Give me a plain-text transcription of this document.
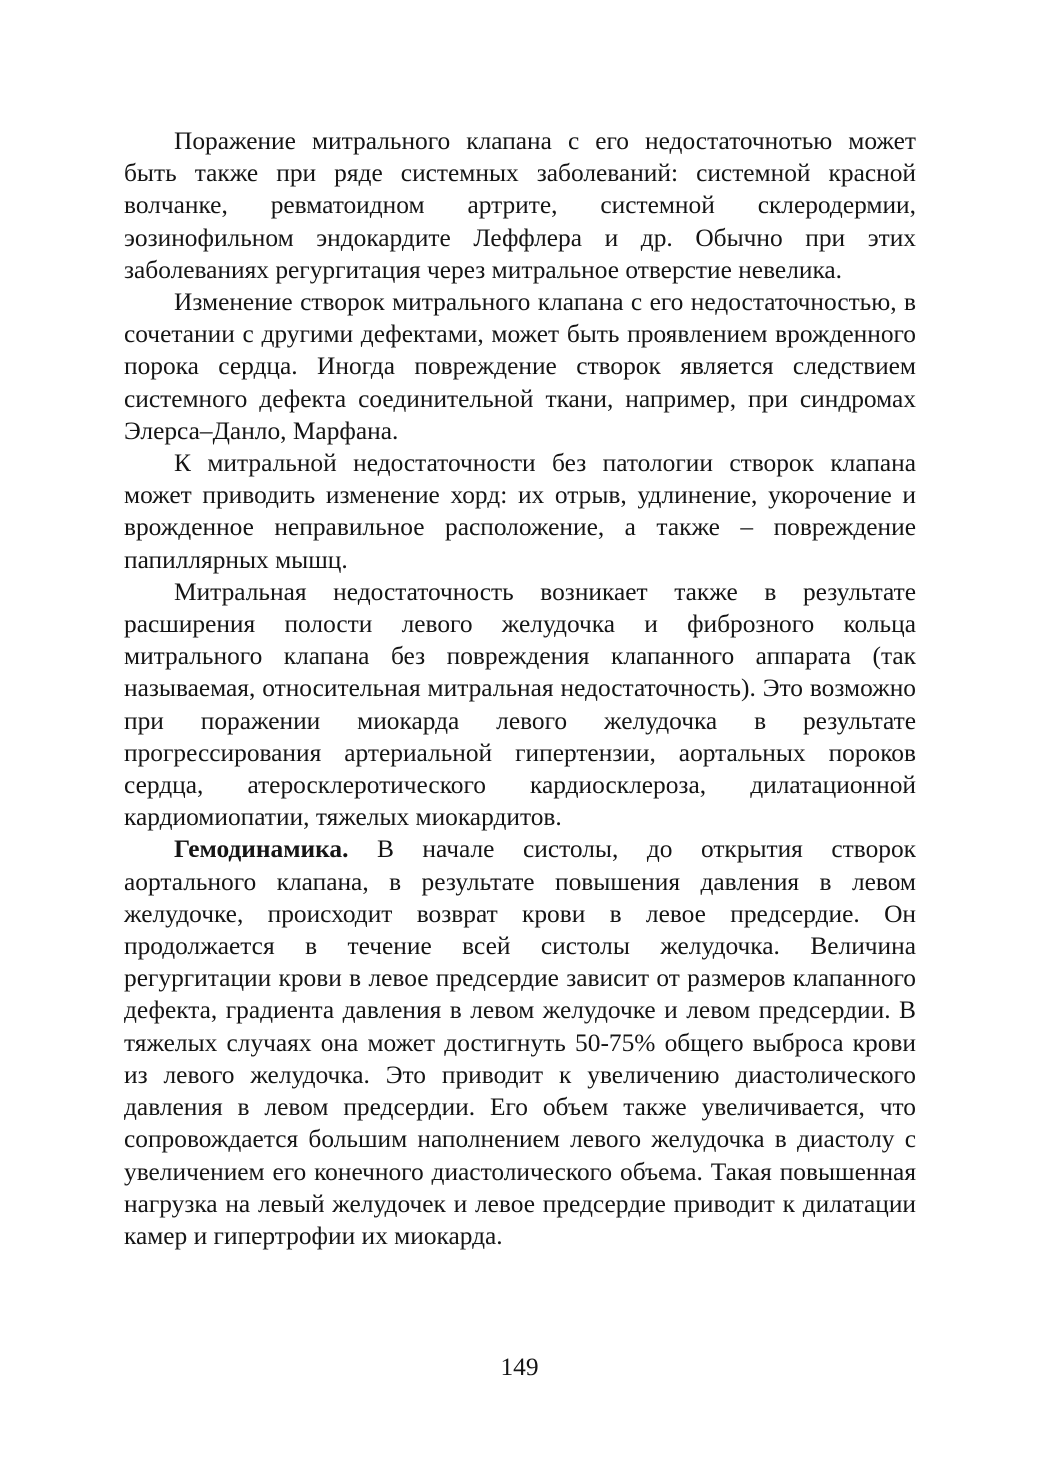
Поражение митрального клапана с его недостаточнотью может быть также при ряде системных заболеваний: системной красной волчанке, ревматоидном артрите, системной склеродермии, эозинофильном эндокардите Леффлера и др. Обычно при этих заболеваниях регургитация через митральное отверстие невелика.

Изменение створок митрального клапана с его недостаточностью, в сочетании с другими дефектами, может быть проявлением врожденного порока сердца. Иногда повреждение створок является следствием системного дефекта соединительной ткани, например, при синдромах Элерса–Данло, Марфана.

К митральной недостаточности без патологии створок клапана может приводить изменение хорд: их отрыв, удлинение, укорочение и врожденное неправильное расположение, а также – повреждение папиллярных мышц.

Митральная недостаточность возникает также в результате расширения полости левого желудочка и фиброзного кольца митрального клапана без повреждения клапанного аппарата (так называемая, относительная митральная недостаточность). Это возможно при поражении миокарда левого желудочка в результате прогрессирования артериальной гипертензии, аортальных пороков сердца, атеросклеротического кардиосклероза, дилатационной кардиомиопатии, тяжелых миокардитов.

Гемодинамика. В начале систолы, до открытия створок аортального клапана, в результате повышения давления в левом желудочке, происходит возврат крови в левое предсердие. Он продолжается в течение всей систолы желудочка. Величина регургитации крови в левое предсердие зависит от размеров клапанного дефекта, градиента давления в левом желудочке и левом предсердии. В тяжелых случаях она может достигнуть 50-75% общего выброса крови из левого желудочка. Это приводит к увеличению диастолического давления в левом предсердии. Его объем также увеличивается, что сопровождается большим наполнением левого желудочка в диастолу с увеличением его конечного диастолического объема. Такая повышенная нагрузка на левый желудочек и левое предсердие приводит к дилатации камер и гипертрофии их миокарда.

149
